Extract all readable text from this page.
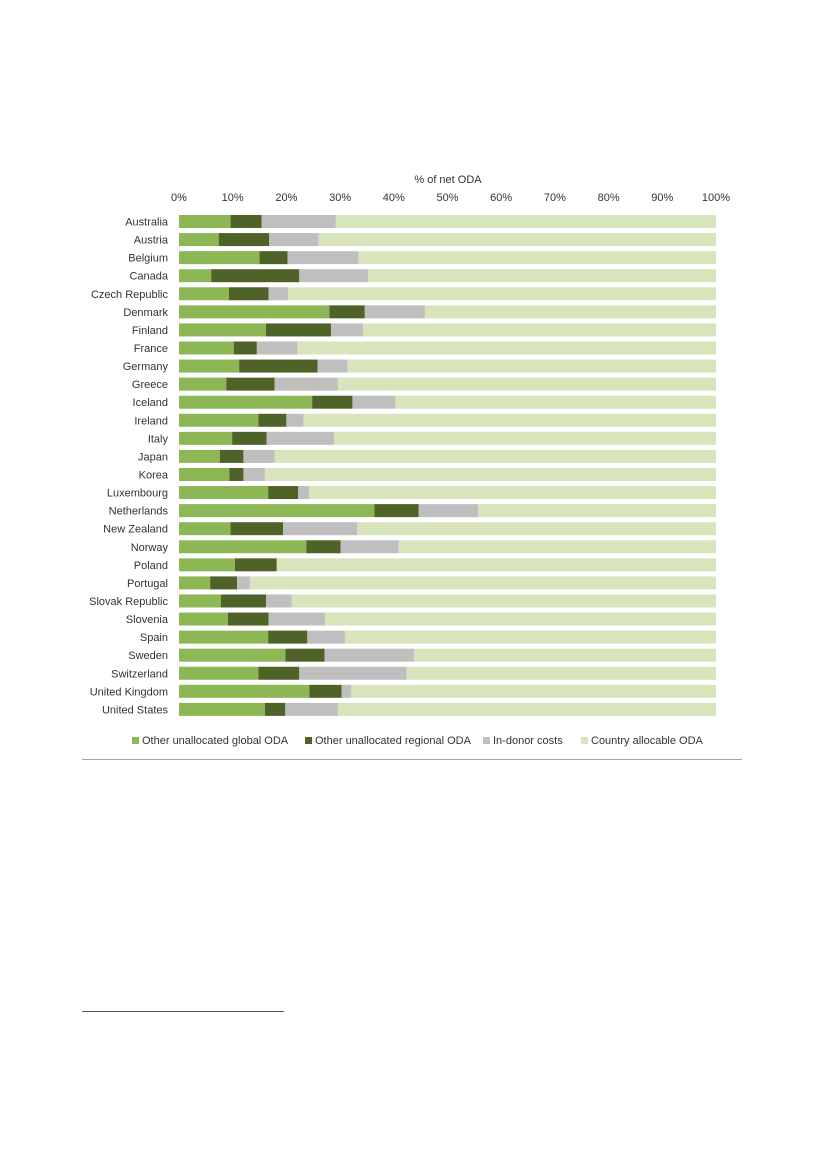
% of net ODA
0%	10%	20%	30%	40%	50%	60%	70%	80%	90%	100%
Australia
Austria
Belgium
Canada
Czech Republic
Denmark
Finland
France
Germany
Greece
Iceland
Ireland
Italy
Japan
Korea
Luxembourg
Netherlands
New Zealand
Norway
Poland
Portugal
Slovak Republic
Slovenia
Spain
Sweden
Switzerland
United Kingdom
United States
Other unallocated global ODA Other unallocated regional ODA In-donor costs	Country allocable ODA
